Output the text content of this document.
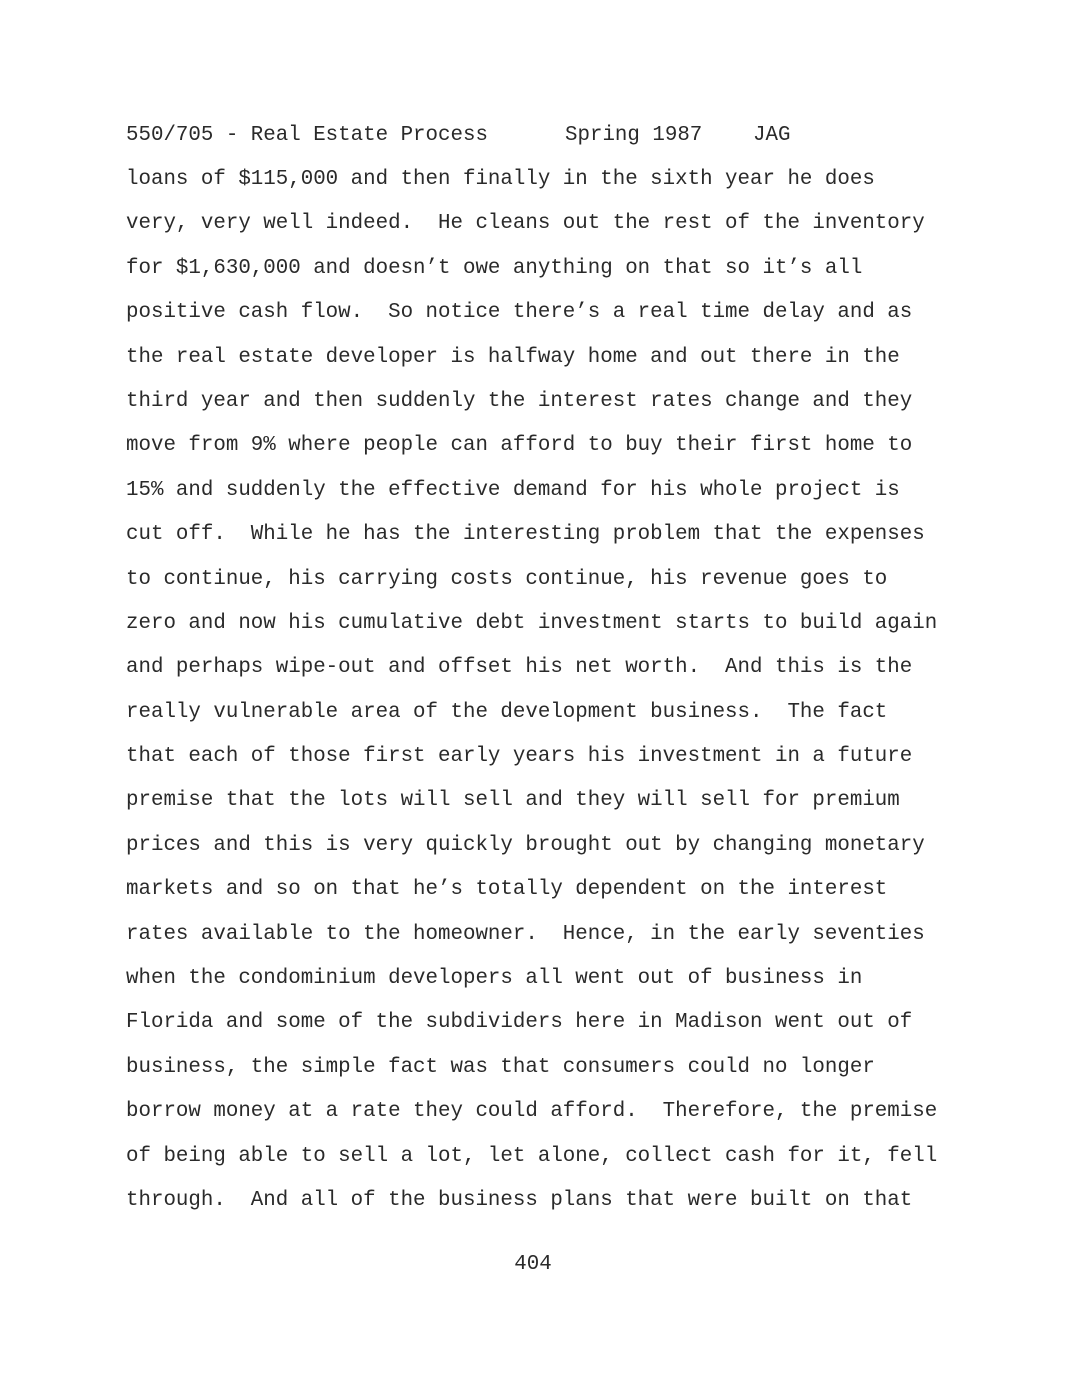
550/705 - Real Estate Process

	Spring 1987

JAG

loans of $115,000 and then finally in the sixth year he does
very, very well indeed.  He cleans out the rest of the inventory
for $1,630,000 and doesn’t owe anything on that so it’s all
positive cash flow.  So notice there’s a real time delay and as
the real estate developer is halfway home and out there in the
third year and then suddenly the interest rates change and they
move from 9% where people can afford to buy their first home to
15% and suddenly the effective demand for his whole project is
cut off.  While he has the interesting problem that the expenses
to continue, his carrying costs continue, his revenue goes to
zero and now his cumulative debt investment starts to build again
and perhaps wipe-out and offset his net worth.  And this is the
really vulnerable area of the development business.  The fact
that each of those first early years his investment in a future
premise that the lots will sell and they will sell for premium
prices and this is very quickly brought out by changing monetary
markets and so on that he’s totally dependent on the interest
rates available to the homeowner.  Hence, in the early seventies
when the condominium developers all went out of business in
Florida and some of the subdividers here in Madison went out of
business, the simple fact was that consumers could no longer
borrow money at a rate they could afford.  Therefore, the premise
of being able to sell a lot, let alone, collect cash for it, fell
through.  And all of the business plans that were built on that
404
